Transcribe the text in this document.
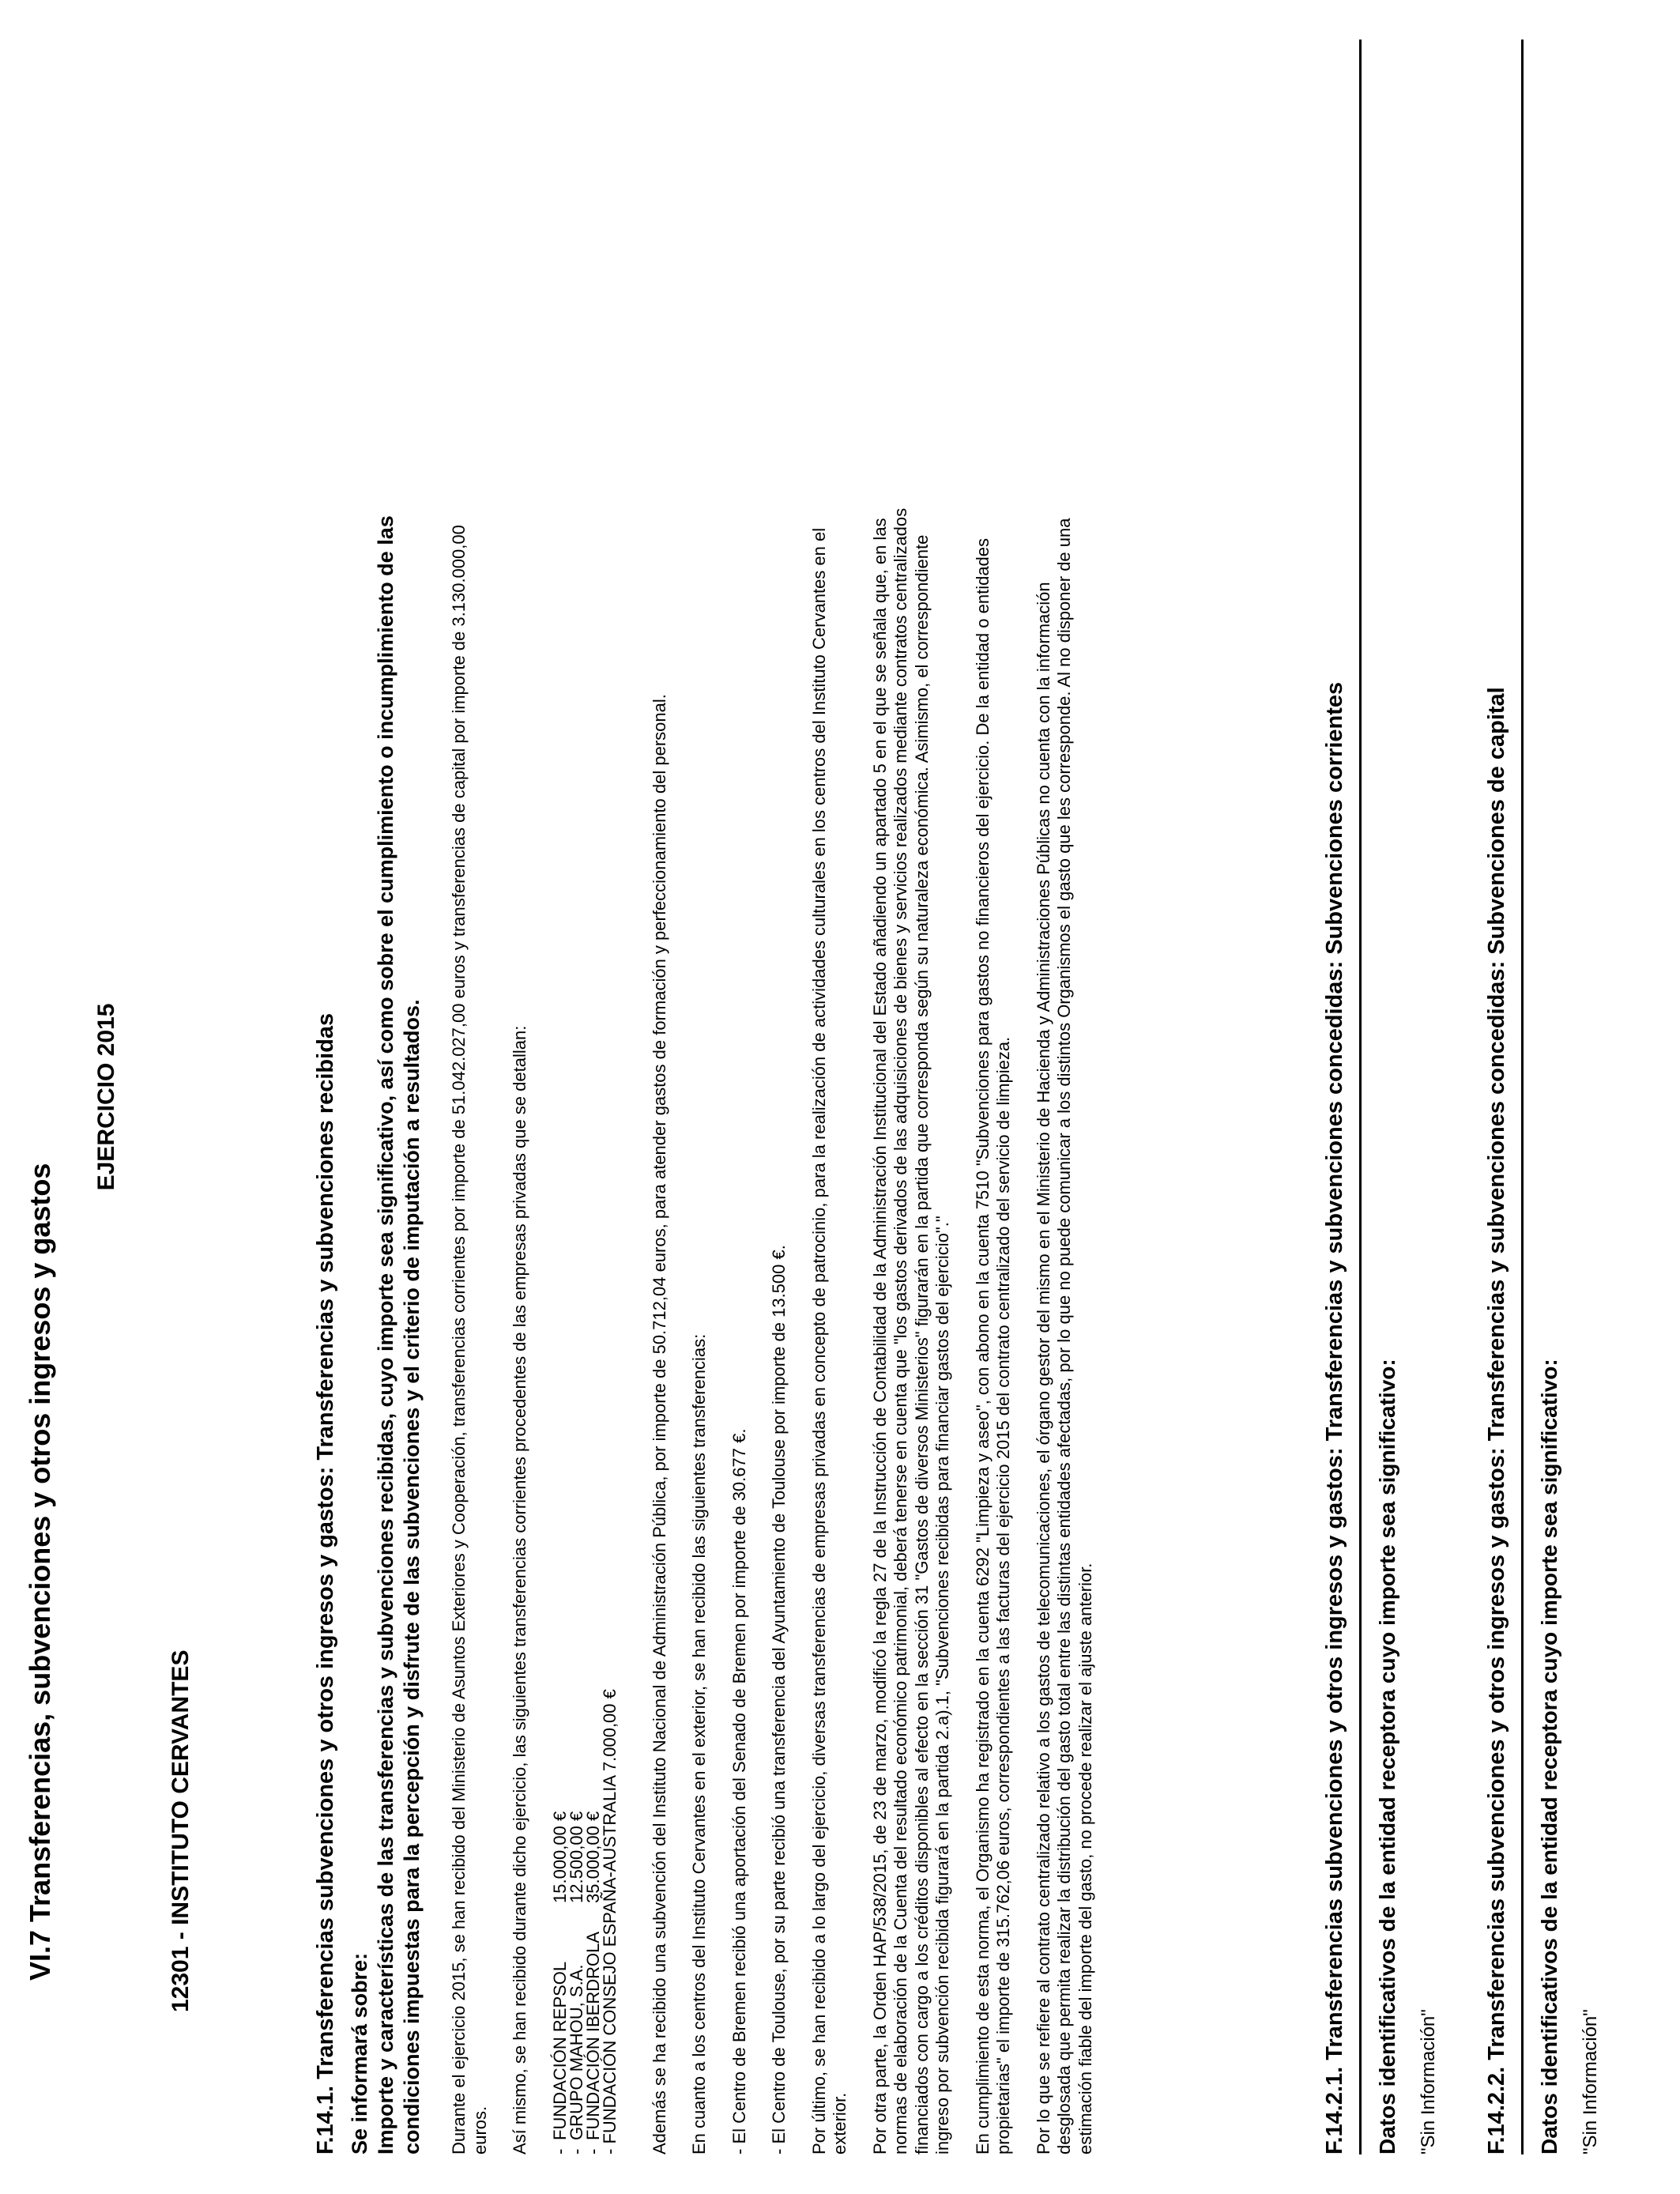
VI.7 Transferencias, subvenciones y otros ingresos y gastos
EJERCICIO 2015
12301 - INSTITUTO CERVANTES	F.14.1. Transferencias subvenciones y otros ingresos y gastos: Transferencias y subvenciones recibidas Se informará sobre: Importe y características de las transferencias y subvenciones recibidas, cuyo importe sea significativo, así como sobre el cumplimiento o incumplimiento de las condiciones impuestas para la percepción y disfrute de las subvenciones y el criterio de imputación a resultados. Durante el ejercicio 2015, se han recibido del Ministerio de Asuntos Exteriores y Cooperación, transferencias corrientes por importe de 51.042.027,00 euros y transferencias de capital por importe de 3.130.000,00 euros. Así mismo, se han recibido durante dicho ejercicio, las siguientes transferencias corrientes procedentes de las empresas privadas que se detallan: -
FUNDACIÓN REPSOL
15.000,00 €
-
GRUPO MAHOU, S.A.
12.500,00 €
-
FUNDACIÓN IBERDROLA
35.000,00 €
- FUNDACIÓN CONSEJO ESPAÑA-AUSTRALIA 7.000,00 € Además se ha recibido una subvención del Instituto Nacional de Administración Pública, por importe de 50.712,04 euros, para atender gastos de formación y perfeccionamiento del personal. En cuanto a los centros del Instituto Cervantes en el exterior, se han recibido las siguientes transferencias: - El Centro de Bremen recibió una aportación del Senado de Bremen por importe de 30.677 €. - El Centro de Toulouse, por su parte recibió una transferencia del Ayuntamiento de Toulouse por importe de 13.500 €. Por último, se han recibido a lo largo del ejercicio, diversas transferencias de empresas privadas en concepto de patrocinio, para la realización de actividades culturales en los centros del Instituto Cervantes en el exterior. Por otra parte, la Orden HAP/538/2015, de 23 de marzo, modificó la regla 27 de la Instrucción de Contabilidad de la Administración Institucional del Estado añadiendo un apartado 5 en el que se señala que, en las normas de elaboración de la Cuenta del resultado económico patrimonial, deberá tenerse en cuenta que "los gastos derivados de las adquisiciones de bienes y servicios realizados mediante contratos centralizados financiados con cargo a los créditos disponibles al efecto en la sección 31 "Gastos de diversos Ministerios" figurarán en la partida que corresponda según su naturaleza económica. Asimismo, el correspondiente ingreso por subvención recibida figurará en la partida 2.a).1, "Subvenciones recibidas para financiar gastos del ejercicio"." En cumplimiento de esta norma, el Organismo ha registrado en la cuenta 6292 "Limpieza y aseo", con abono en la cuenta 7510 "Subvenciones para gastos no financieros del ejercicio. De la entidad o entidades propietarias" el importe de 315.762,06 euros, correspondientes a las facturas del ejercicio 2015 del contrato centralizado del servicio de limpieza. Por lo que se refiere al contrato centralizado relativo a los gastos de telecomunicaciones, el órgano gestor del mismo en el Ministerio de Hacienda y Administraciones Públicas no cuenta con la información desglosada que permita realizar la distribución del gasto total entre las distintas entidades afectadas, por lo que no puede comunicar a los distintos Organismos el gasto que les corresponde. Al no disponer de una estimación fiable del importe del gasto, no procede realizar el ajuste anterior.	F.14.2.1. Transferencias subvenciones y otros ingresos y gastos: Transferencias y subvenciones concedidas: Subvenciones corrientes Datos identificativos de la entidad receptora cuyo importe sea significativo: "Sin Información" F.14.2.2. Transferencias subvenciones y otros ingresos y gastos: Transferencias y subvenciones concedidas: Subvenciones de capital Datos identificativos de la entidad receptora cuyo importe sea significativo: "Sin Información"
